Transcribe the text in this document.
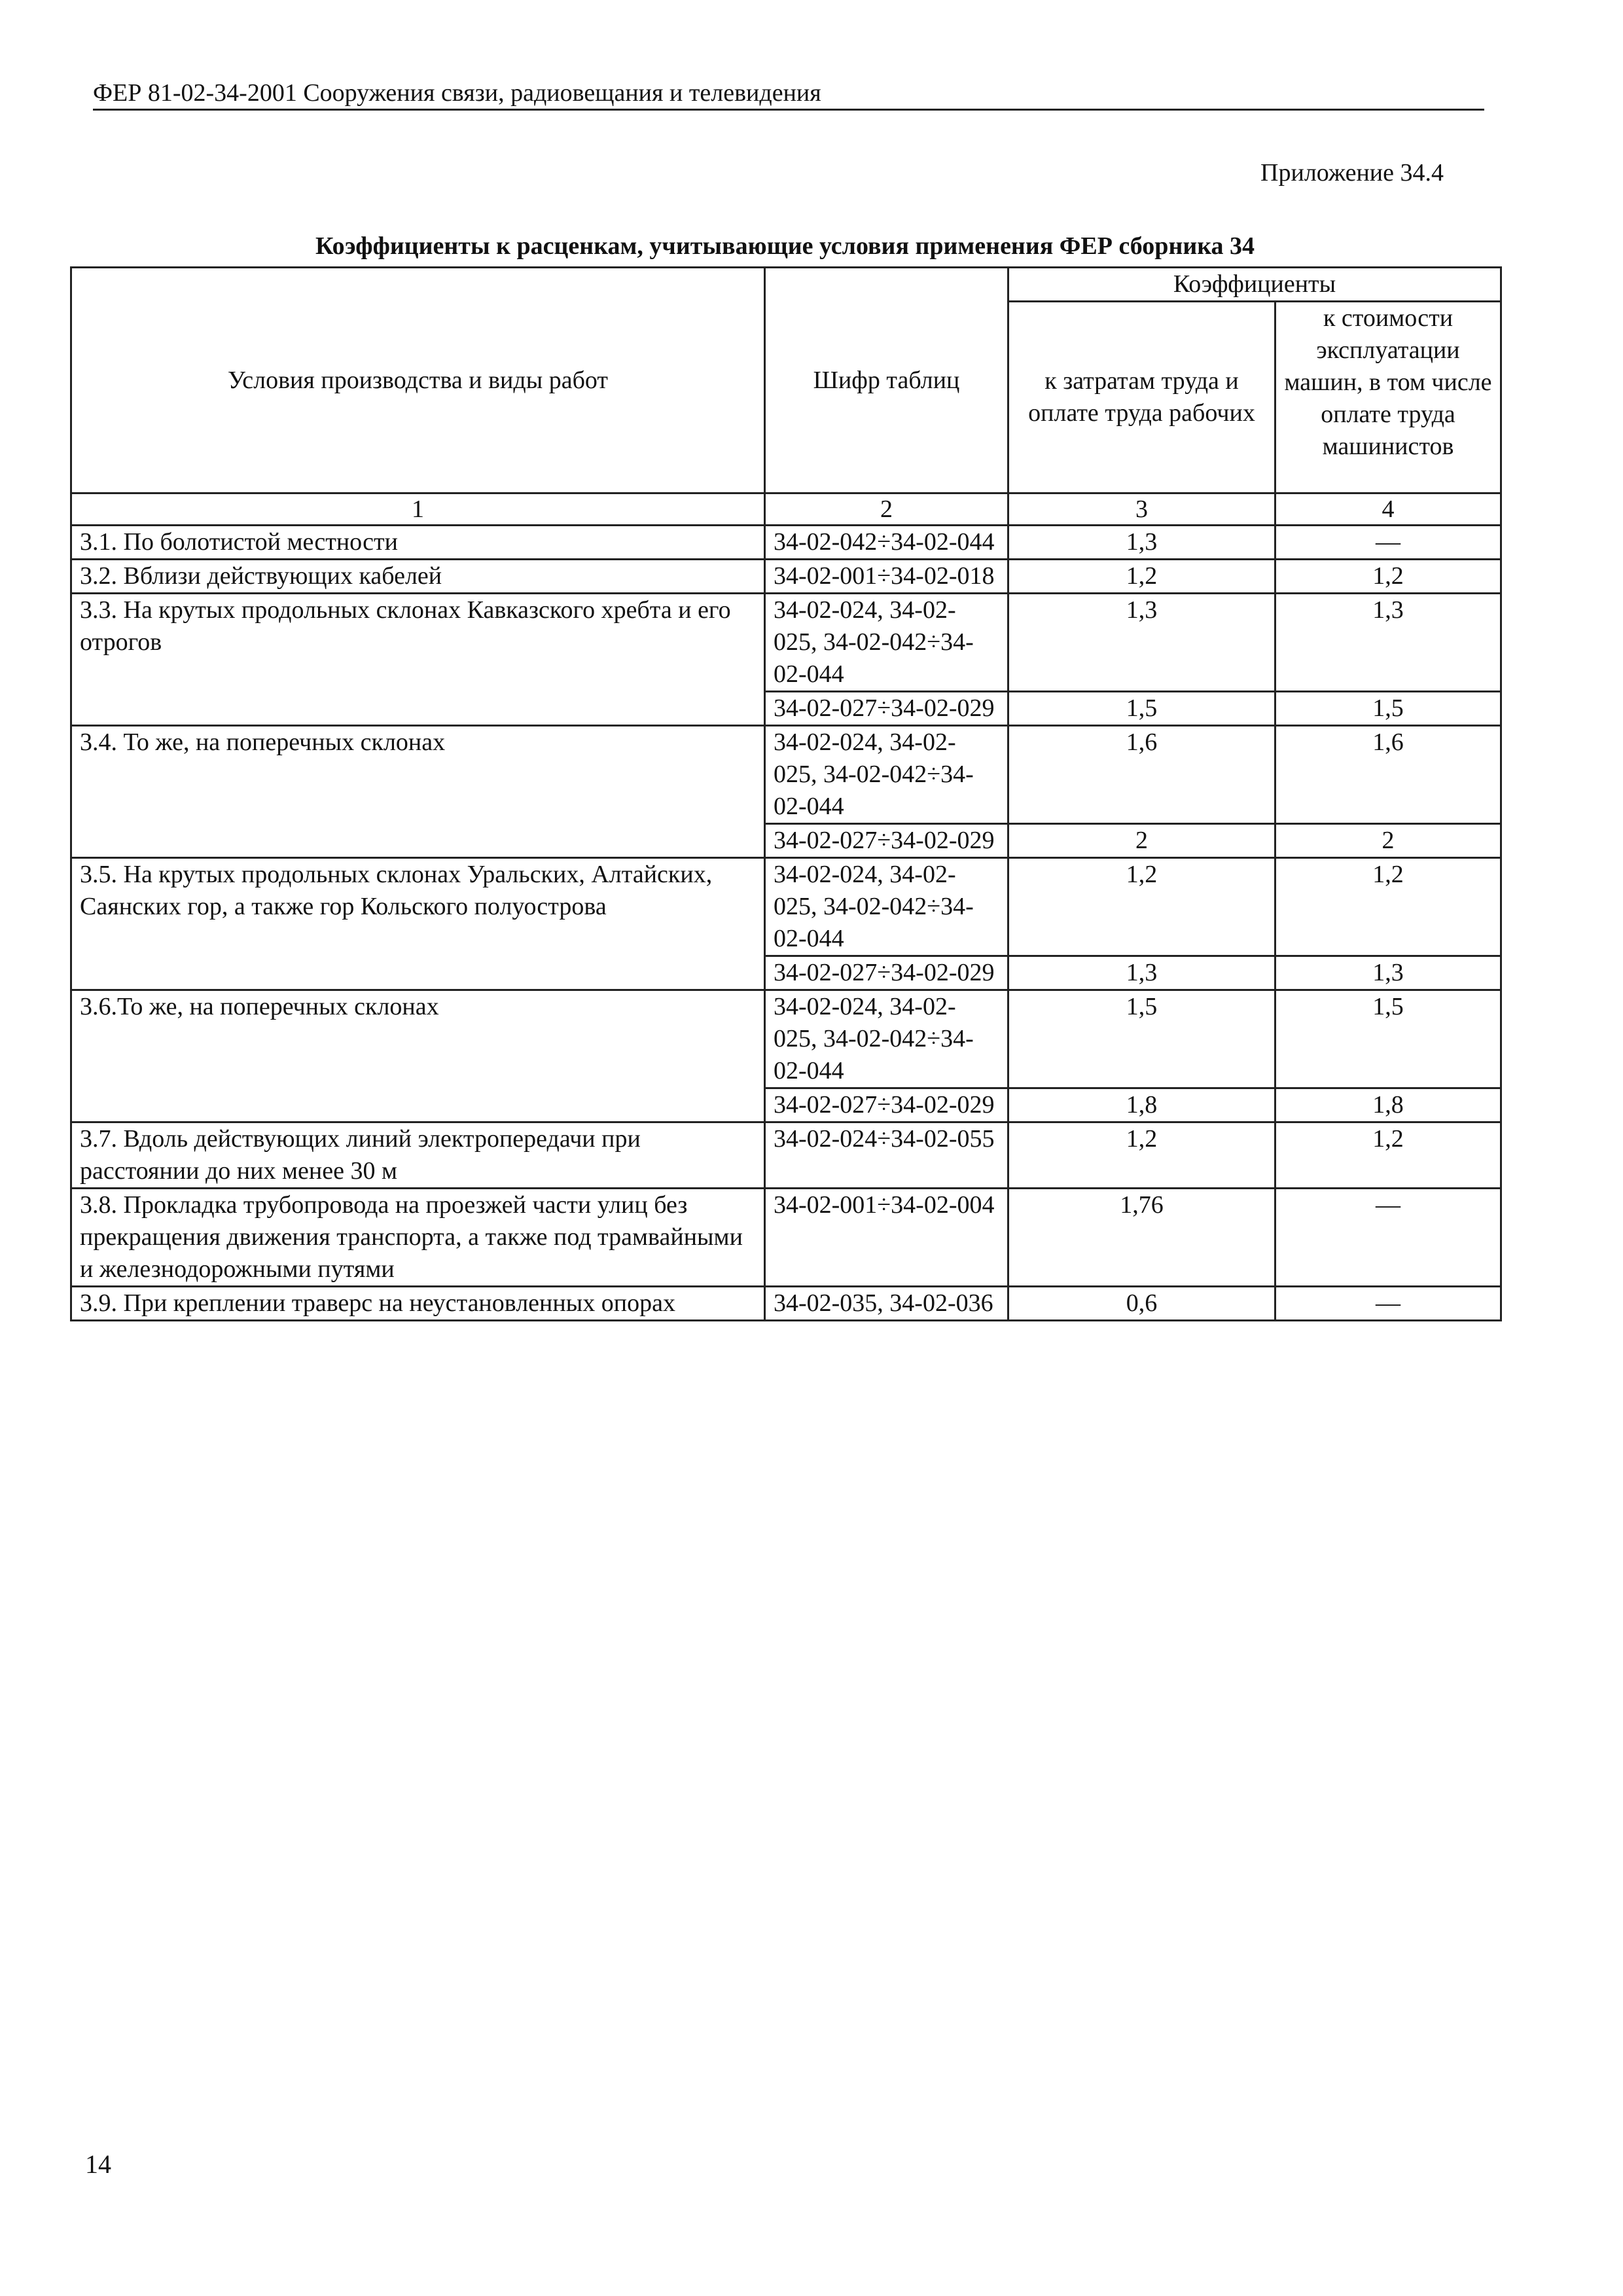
ФЕР 81-02-34-2001 Сооружения связи, радиовещания и телевидения
Приложение 34.4
Коэффициенты к расценкам, учитывающие условия применения ФЕР сборника 34
Условия производства и виды работ	Шифр таблиц	Коэффициенты	
		к затратам труда и оплате труда рабочих	к стоимости эксплуатации машин, в том числе оплате труда машинистов
1	2	3	4
3.1. По болотистой местности	34-02-042÷34-02-044	1,3	—
3.2. Вблизи действующих кабелей	34-02-001÷34-02-018	1,2	1,2
3.3. На крутых продольных склонах Кавказского хребта и его отрогов	34-02-024, 34-02-025, 34-02-042÷34-02-044	1,3	1,3
	34-02-027÷34-02-029	1,5	1,5
3.4. То же, на поперечных склонах	34-02-024, 34-02-025, 34-02-042÷34-02-044	1,6	1,6
	34-02-027÷34-02-029	2	2
3.5. На крутых продольных склонах Уральских, Алтайских, Саянских гор, а также гор Кольского полуострова	34-02-024, 34-02-025, 34-02-042÷34-02-044	1,2	1,2
	34-02-027÷34-02-029	1,3	1,3
3.6.То же, на поперечных склонах	34-02-024, 34-02-025, 34-02-042÷34-02-044	1,5	1,5
	34-02-027÷34-02-029	1,8	1,8
3.7. Вдоль действующих линий электропередачи при расстоянии до них менее 30 м	34-02-024÷34-02-055	1,2	1,2
3.8. Прокладка трубопровода на проезжей части улиц без прекращения движения транспорта, а также под трамвайными и железнодорожными путями	34-02-001÷34-02-004	1,76	—
3.9. При креплении траверс на неустановленных опорах	34-02-035, 34-02-036	0,6	—
14
